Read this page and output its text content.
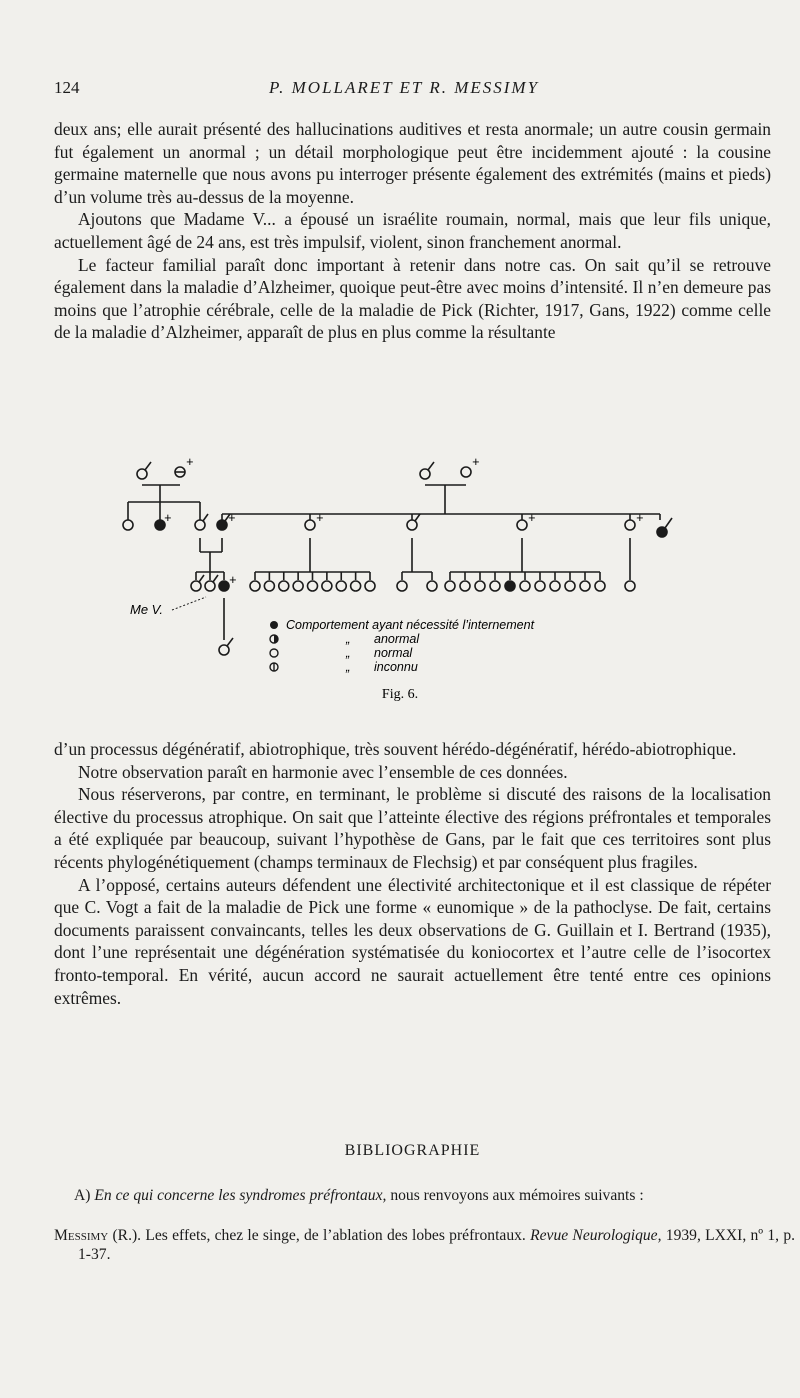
124	P. MOLLARET ET R. MESSIMY

deux ans; elle aurait présenté des hallucinations auditives et resta anormale; un autre cousin germain fut également un anormal ; un détail morphologique peut être incidemment ajouté : la cousine germaine maternelle que nous avons pu interroger présente également des extrémités (mains et pieds) d’un volume très au-dessus de la moyenne.

Ajoutons que Madame V... a épousé un israélite roumain, normal, mais que leur fils unique, actuellement âgé de 24 ans, est très impulsif, violent, sinon franchement anormal.

Le facteur familial paraît donc important à retenir dans notre cas. On sait qu’il se retrouve également dans la maladie d’Alzheimer, quoique peut-être avec moins d’intensité. Il n’en demeure pas moins que l’atrophie cérébrale, celle de la maladie de Pick (Richter, 1917, Gans, 1922) comme celle de la maladie d’Alzheimer, apparaît de plus en plus comme la résultante

+	+
+	+	+	+	+
+
Me V.
Comportement ayant nécessité l’internement
„ anormal
„ normal
„ inconnu
Fig. 6.

d’un processus dégénératif, abiotrophique, très souvent hérédo-dégénératif, hérédo-abiotrophique.

Notre observation paraît en harmonie avec l’ensemble de ces données.

Nous réserverons, par contre, en terminant, le problème si discuté des raisons de la localisation élective du processus atrophique. On sait que l’atteinte élective des régions préfrontales et temporales a été expliquée par beaucoup, suivant l’hypothèse de Gans, par le fait que ces territoires sont plus récents phylogénétiquement (champs terminaux de Flechsig) et par conséquent plus fragiles.

A l’opposé, certains auteurs défendent une électivité architectonique et il est classique de répéter que C. Vogt a fait de la maladie de Pick une forme « eunomique » de la pathoclyse. De fait, certains documents paraissent convaincants, telles les deux observations de G. Guillain et I. Bertrand (1935), dont l’une représentait une dégénération systématisée du koniocortex et l’autre celle de l’isocortex fronto-temporal. En vérité, aucun accord ne saurait actuellement être tenté entre ces opinions extrêmes.

BIBLIOGRAPHIE
A) En ce qui concerne les syndromes préfrontaux, nous renvoyons aux mémoires suivants :
Messimy (R.). Les effets, chez le singe, de l’ablation des lobes préfrontaux. Revue Neurologique, 1939, LXXI, nº 1, p. 1-37.
